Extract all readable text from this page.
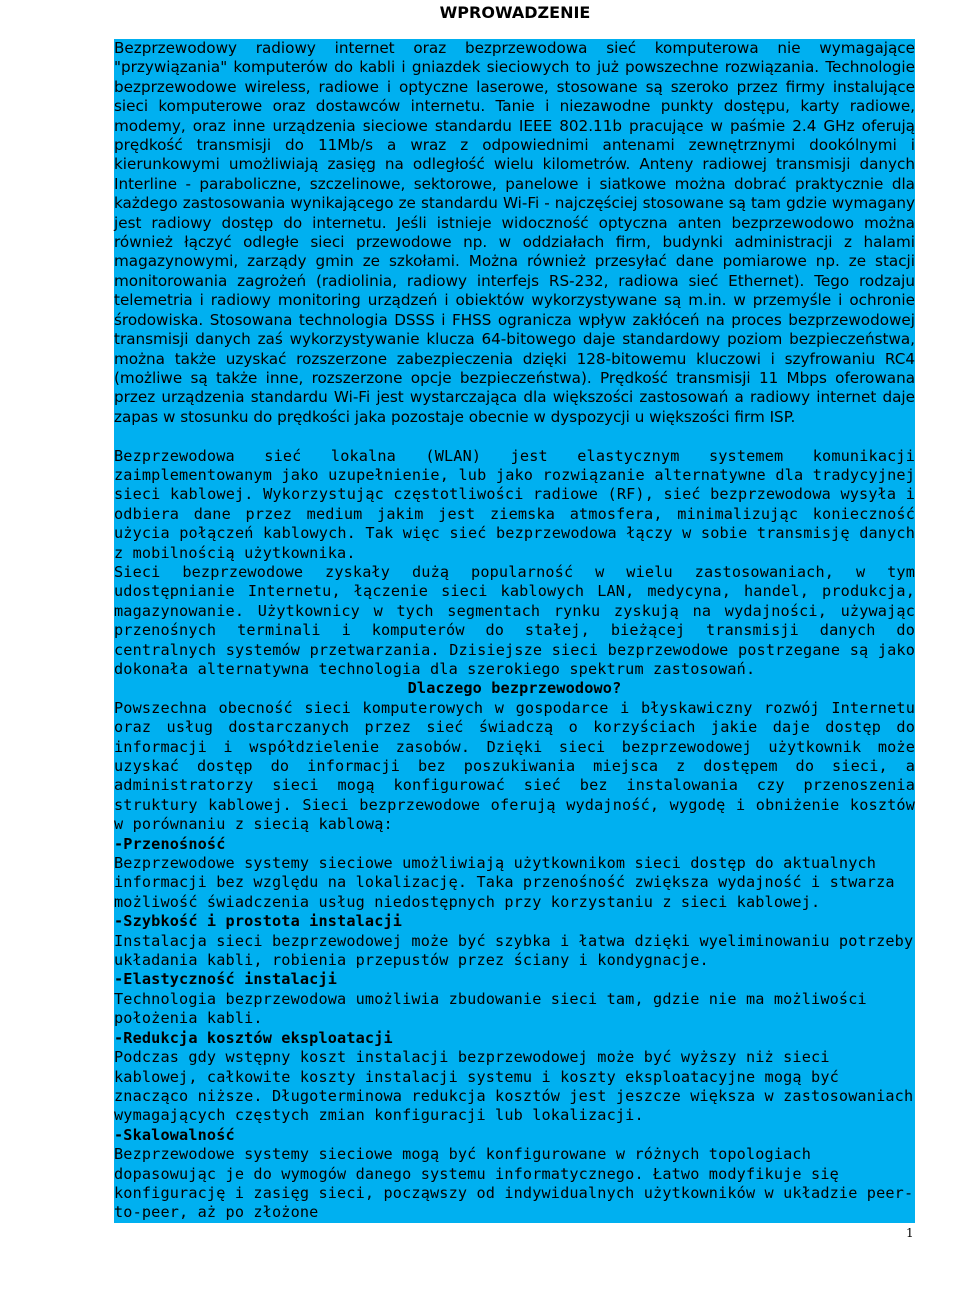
WPROWADZENIE

Bezprzewodowy radiowy internet oraz bezprzewodowa sieć komputerowa nie wymagające "przywiązania" komputerów do kabli i gniazdek sieciowych to już powszechne rozwiązania. Technologie bezprzewodowe wireless, radiowe i optyczne laserowe, stosowane są szeroko przez firmy instalujące sieci komputerowe oraz dostawców internetu. Tanie i niezawodne punkty dostępu, karty radiowe, modemy, oraz inne urządzenia sieciowe standardu IEEE 802.11b pracujące w paśmie 2.4 GHz oferują prędkość transmisji do 11Mb/s a wraz z odpowiednimi antenami zewnętrznymi dookólnymi i kierunkowymi umożliwiają zasięg na odległość wielu kilometrów. Anteny radiowej transmisji danych Interline - paraboliczne, szczelinowe, sektorowe, panelowe i siatkowe można dobrać praktycznie dla każdego zastosowania wynikającego ze standardu Wi-Fi - najczęściej stosowane są tam gdzie wymagany jest radiowy dostęp do internetu. Jeśli istnieje widoczność optyczna anten bezprzewodowo można również łączyć odległe sieci przewodowe np. w oddziałach firm, budynki administracji z halami magazynowymi, zarządy gmin ze szkołami. Można również przesyłać dane pomiarowe np. ze stacji monitorowania zagrożeń (radiolinia, radiowy interfejs RS-232, radiowa sieć Ethernet). Tego rodzaju telemetria i radiowy monitoring urządzeń i obiektów wykorzystywane są m.in. w przemyśle i ochronie środowiska. Stosowana technologia DSSS i FHSS ogranicza wpływ zakłóceń na proces bezprzewodowej transmisji danych zaś wykorzystywanie klucza 64-bitowego daje standardowy poziom bezpieczeństwa, można także uzyskać rozszerzone zabezpieczenia dzięki 128-bitowemu kluczowi i szyfrowaniu RC4 (możliwe są także inne, rozszerzone opcje bezpieczeństwa). Prędkość transmisji 11 Mbps oferowana przez urządzenia standardu Wi-Fi jest wystarczająca dla większości zastosowań a radiowy internet daje zapas w stosunku do prędkości jaka pozostaje obecnie w dyspozycji u większości firm ISP.

Bezprzewodowa sieć lokalna (WLAN) jest elastycznym systemem komunikacji zaimplementowanym jako uzupełnienie, lub jako rozwiązanie alternatywne dla tradycyjnej sieci kablowej. Wykorzystując częstotliwości radiowe (RF), sieć bezprzewodowa wysyła i odbiera dane przez medium jakim jest ziemska atmosfera, minimalizując konieczność użycia połączeń kablowych. Tak więc sieć bezprzewodowa łączy w sobie transmisję danych z mobilnością użytkownika.

Sieci bezprzewodowe zyskały dużą popularność w wielu zastosowaniach, w tym udostępnianie Internetu, łączenie sieci kablowych LAN, medycyna, handel, produkcja, magazynowanie. Użytkownicy w tych segmentach rynku zyskują na wydajności, używając przenośnych terminali i komputerów do stałej, bieżącej transmisji danych do centralnych systemów przetwarzania. Dzisiejsze sieci bezprzewodowe postrzegane są jako dokonała alternatywna technologia dla szerokiego spektrum zastosowań.

Dlaczego bezprzewodowo?

Powszechna obecność sieci komputerowych w gospodarce i błyskawiczny rozwój Internetu oraz usług dostarczanych przez sieć świadczą o korzyściach jakie daje dostęp do informacji i współdzielenie zasobów. Dzięki sieci bezprzewodowej użytkownik może uzyskać dostęp do informacji bez poszukiwania miejsca z dostępem do sieci, a administratorzy sieci mogą konfigurować sieć bez instalowania czy przenoszenia struktury kablowej. Sieci bezprzewodowe oferują wydajność, wygodę i obniżenie kosztów w porównaniu z siecią kablową:

-Przenośność

Bezprzewodowe systemy sieciowe umożliwiają użytkownikom sieci dostęp do aktualnych informacji bez względu na lokalizację. Taka przenośność zwiększa wydajność i stwarza możliwość świadczenia usług niedostępnych przy korzystaniu z sieci kablowej.

-Szybkość i prostota instalacji

Instalacja sieci bezprzewodowej może być szybka i łatwa dzięki wyeliminowaniu potrzeby układania kabli, robienia przepustów przez ściany i kondygnacje.

-Elastyczność instalacji

Technologia bezprzewodowa umożliwia zbudowanie sieci tam, gdzie nie ma możliwości położenia kabli.

-Redukcja kosztów eksploatacji

Podczas gdy wstępny koszt instalacji bezprzewodowej może być wyższy niż sieci kablowej, całkowite koszty instalacji systemu i koszty eksploatacyjne mogą być znacząco niższe. Długoterminowa redukcja kosztów jest jeszcze większa w zastosowaniach wymagających częstych zmian konfiguracji lub lokalizacji.

-Skalowalność

Bezprzewodowe systemy sieciowe mogą być konfigurowane w różnych topologiach dopasowując je do wymogów danego systemu informatycznego. Łatwo modyfikuje się konfigurację i zasięg sieci, począwszy od indywidualnych użytkowników w układzie peer-to-peer, aż po złożone

1
